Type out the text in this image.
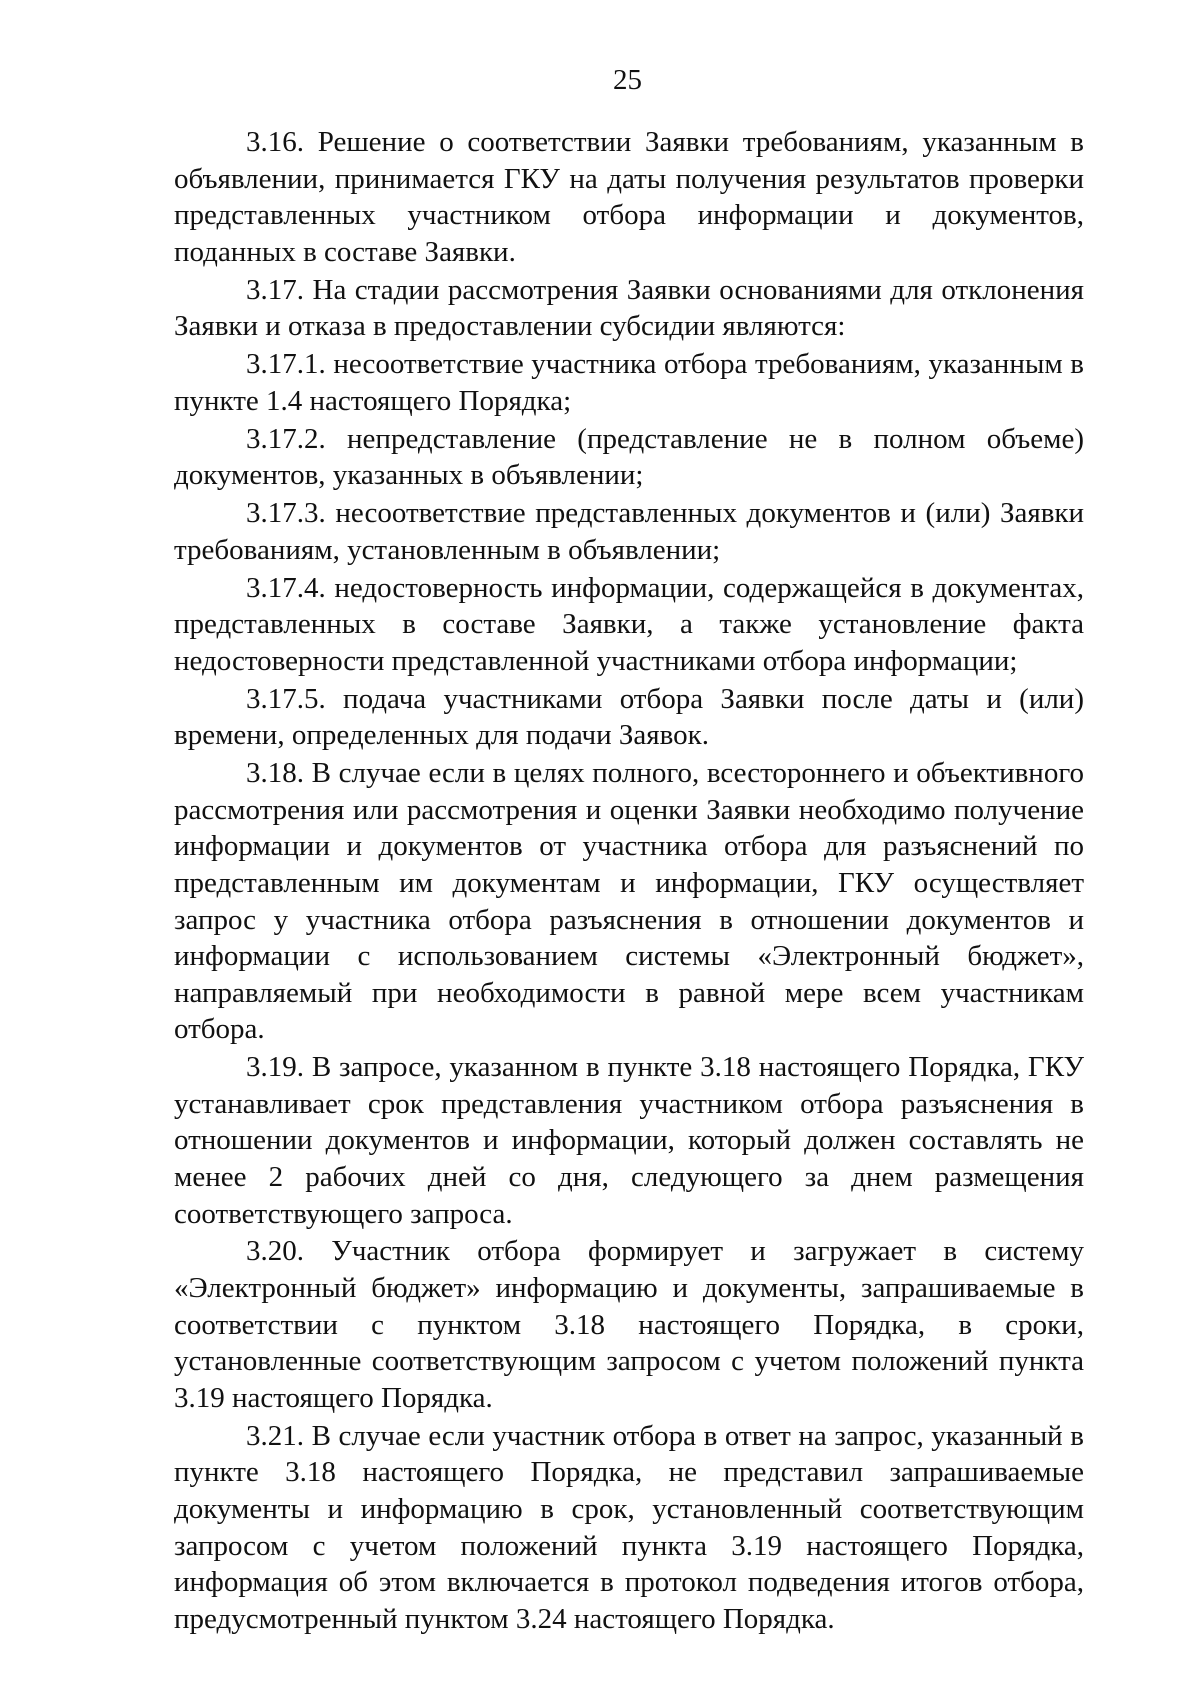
25

3.16. Решение о соответствии Заявки требованиям, указанным в объявлении, принимается ГКУ на даты получения результатов проверки представленных участником отбора информации и документов, поданных в составе Заявки.

3.17. На стадии рассмотрения Заявки основаниями для отклонения Заявки и отказа в предоставлении субсидии являются:

3.17.1. несоответствие участника отбора требованиям, указанным в пункте 1.4 настоящего Порядка;

3.17.2. непредставление (представление не в полном объеме) документов, указанных в объявлении;

3.17.3. несоответствие представленных документов и (или) Заявки требованиям, установленным в объявлении;

3.17.4. недостоверность информации, содержащейся в документах, представленных в составе Заявки, а также установление факта недостоверности представленной участниками отбора информации;

3.17.5. подача участниками отбора Заявки после даты и (или) времени, определенных для подачи Заявок.

3.18. В случае если в целях полного, всестороннего и объективного рассмотрения или рассмотрения и оценки Заявки необходимо получение информации и документов от участника отбора для разъяснений по представленным им документам и информации, ГКУ осуществляет запрос у участника отбора разъяснения в отношении документов и информации с использованием системы «Электронный бюджет», направляемый при необходимости в равной мере всем участникам отбора.

3.19. В запросе, указанном в пункте 3.18 настоящего Порядка, ГКУ устанавливает срок представления участником отбора разъяснения в отношении документов и информации, который должен составлять не менее 2 рабочих дней со дня, следующего за днем размещения соответствующего запроса.

3.20. Участник отбора формирует и загружает в систему «Электронный бюджет» информацию и документы, запрашиваемые в соответствии с пунктом 3.18 настоящего Порядка, в сроки, установленные соответствующим запросом с учетом положений пункта 3.19 настоящего Порядка.

3.21. В случае если участник отбора в ответ на запрос, указанный в пункте 3.18 настоящего Порядка, не представил запрашиваемые документы и информацию в срок, установленный соответствующим запросом с учетом положений пункта 3.19 настоящего Порядка, информация об этом включается в протокол подведения итогов отбора, предусмотренный пунктом 3.24 настоящего Порядка.
